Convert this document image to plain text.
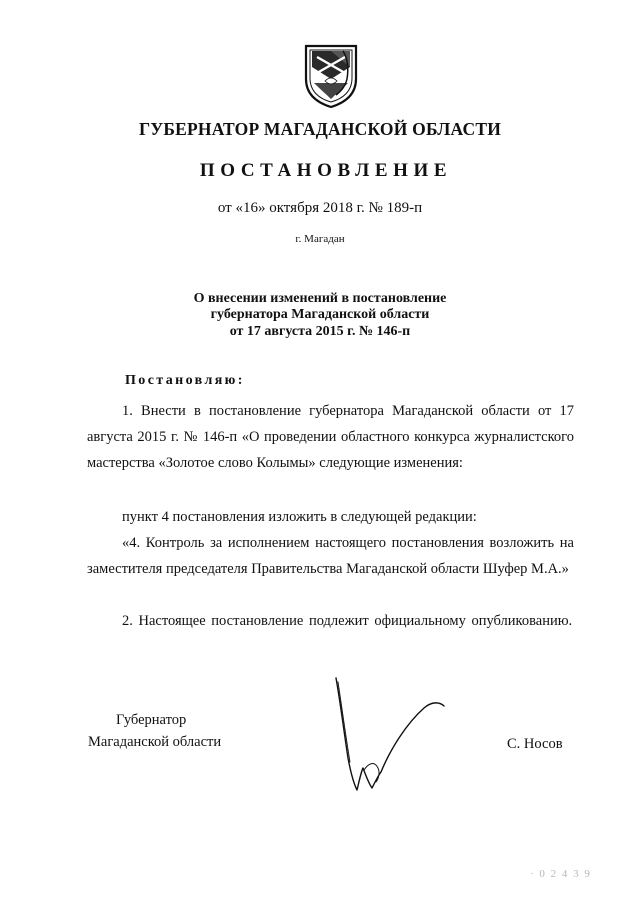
ГУБЕРНАТОР МАГАДАНСКОЙ ОБЛАСТИ
ПОСТАНОВЛЕНИЕ
от «16» октября 2018 г. № 189-п
г. Магадан
О внесении изменений в постановление
губернатора Магаданской области
от 17 августа 2015 г. № 146-п
Постановляю:
1. Внести в постановление губернатора Магаданской области от 17 августа 2015 г. № 146-п «О проведении областного конкурса журналистского мастерства «Золотое слово Колымы» следующие изменения:
пункт 4 постановления изложить в следующей редакции:
«4. Контроль за исполнением настоящего постановления возложить на заместителя председателя Правительства Магаданской области Шуфер М.А.»
2. Настоящее постановление подлежит официальному опубликованию.
Губернатор
Магаданской области	С. Носов
· 0 2 4 3 9
